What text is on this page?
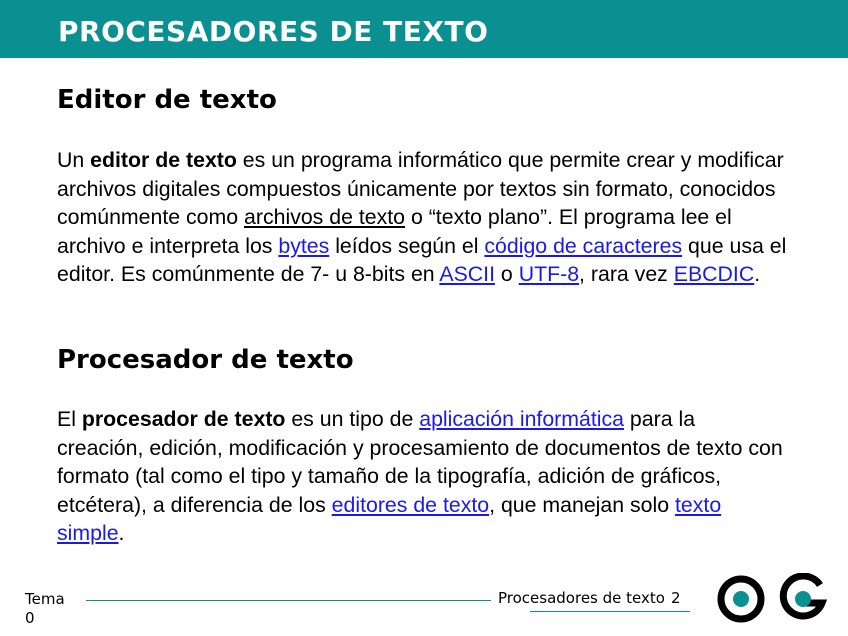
PROCESADORES DE TEXTO
Editor de texto
Un editor de texto es un programa informático que permite crear y modificar archivos digitales compuestos únicamente por textos sin formato, conocidos comúnmente como archivos de texto o “texto plano”. El programa lee el archivo e interpreta los bytes leídos según el código de caracteres que usa el editor. Es comúnmente de 7- u 8-bits en ASCII o UTF-8, rara vez EBCDIC.
Procesador de texto
El procesador de texto es un tipo de aplicación informática para la creación, edición, modificación y procesamiento de documentos de texto con formato (tal como el tipo y tamaño de la tipografía, adición de gráficos, etcétera), a diferencia de los editores de texto, que manejan solo texto simple.
Tema 0
Procesadores de texto 2
